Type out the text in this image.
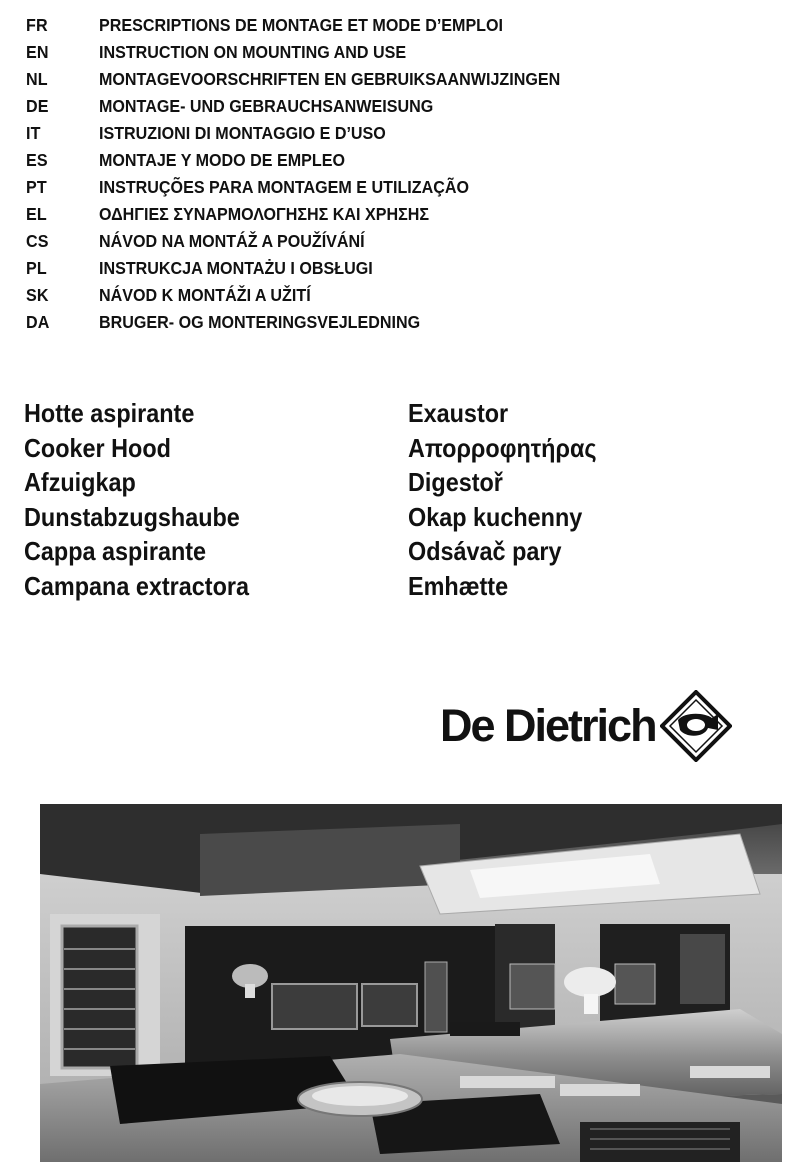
FR	PRESCRIPTIONS DE MONTAGE ET MODE D’EMPLOI
EN	INSTRUCTION ON MOUNTING AND USE
NL	MONTAGEVOORSCHRIFTEN EN GEBRUIKSAANWIJZINGEN
DE	MONTAGE- UND GEBRAUCHSANWEISUNG
IT	ISTRUZIONI DI MONTAGGIO E D’USO
ES	MONTAJE Y MODO DE EMPLEO
PT	INSTRUÇÕES PARA MONTAGEM E UTILIZAÇÃO
EL	ΟΔΗΓΙΕΣ ΣΥΝΑΡΜΟΛΟΓΗΣΗΣ ΚΑΙ ΧΡΗΣΗΣ
CS	NÁVOD NA MONTÁŽ A POUŽÍVÁNÍ
PL	INSTRUKCJA MONTAŻU I OBSŁUGI
SK	NÁVOD K MONTÁŽI A UŽITÍ
DA	BRUGER- OG MONTERINGSVEJLEDNING
Hotte aspirante
Cooker Hood
Afzuigkap
Dunstabzugshaube
Cappa aspirante
Campana extractora
Exaustor
Απορροφητήρας
Digestoř
Okap kuchenny
Odsávač pary
Emhætte
De Dietrich
